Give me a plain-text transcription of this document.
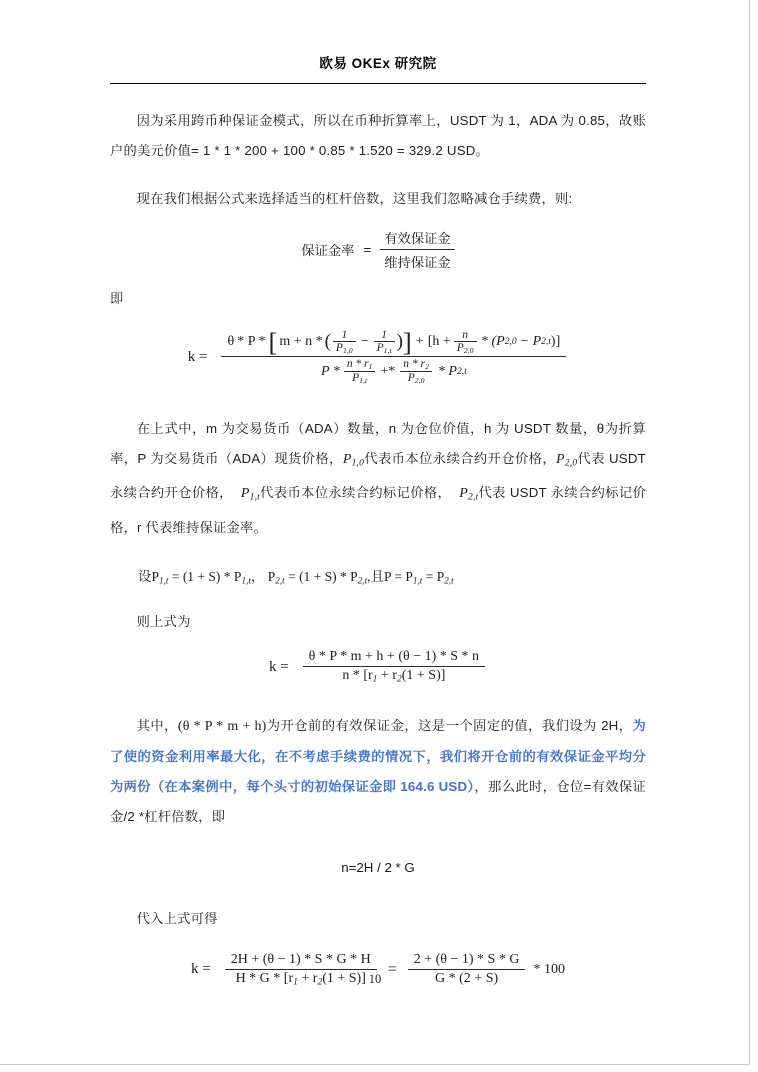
欧易 OKEx 研究院
因为采用跨币种保证金模式，所以在币种折算率上，USDT 为 1，ADA 为 0.85，故账户的美元价值= 1 * 1 * 200 + 100 * 0.85 * 1.520 = 329.2 USD。
现在我们根据公式来选择适当的杠杆倍数，这里我们忽略减仓手续费，则:
保证金率 = $\frac{\text{有效保证金}}{\text{维持保证金}}$
即
k =
θ * P * [ m + n * ( $\frac{1}{P_{1,0}} - \frac{1}{P_{1,t}}$ ) ] + [$h + \frac{n}{P_{2,0}} * (P$ 2,0 − P 2,t )]
$P * \frac{n * r_1}{P_{1,t}} +* \frac{n * r_2}{P_{2,0}} * P$ 2,t
在上式中，m 为交易货币（ADA）数量，n 为仓位价值，h 为 USDT 数量，θ为折算率，P 为交易货币（ADA）现货价格，$P_{1,0}$代表币本位永续合约开仓价格，$P_{2,0}$代表 USDT 永续合约开仓价格， $P_{1,t}$代表币本位永续合约标记价格， $P_{2,t}$代表 USDT 永续合约标记价格，r 代表维持保证金率。
设$P_{1,t} = (1 + S) * P_{1,t}$， $P_{2,t} = (1 + S) * P_{2,t}$,且$P = P_{1,t} = P_{2,t}$
则上式为
$k = \frac{\theta * P * m + h + (\theta - 1) * S * n}{n * [r_1 + r_2(1 + S)]}$
其中，(θ * P * m + h)为开仓前的有效保证金，这是一个固定的值，我们设为 2H，为了使的资金利用率最大化，在不考虑手续费的情况下，我们将开仓前的有效保证金平均分为两份（在本案例中，每个头寸的初始保证金即 164.6 USD），那么此时，仓位=有效保证金/2 *杠杆倍数，即
n=2H / 2 * G
代入上式可得
$k = \frac{2H + (\theta - 1) * S * G * H}{H * G * [r_1 + r_2(1 + S)]} = \frac{2 + (\theta - 1) * S * G}{G * (2 + S)} * 100$
10
